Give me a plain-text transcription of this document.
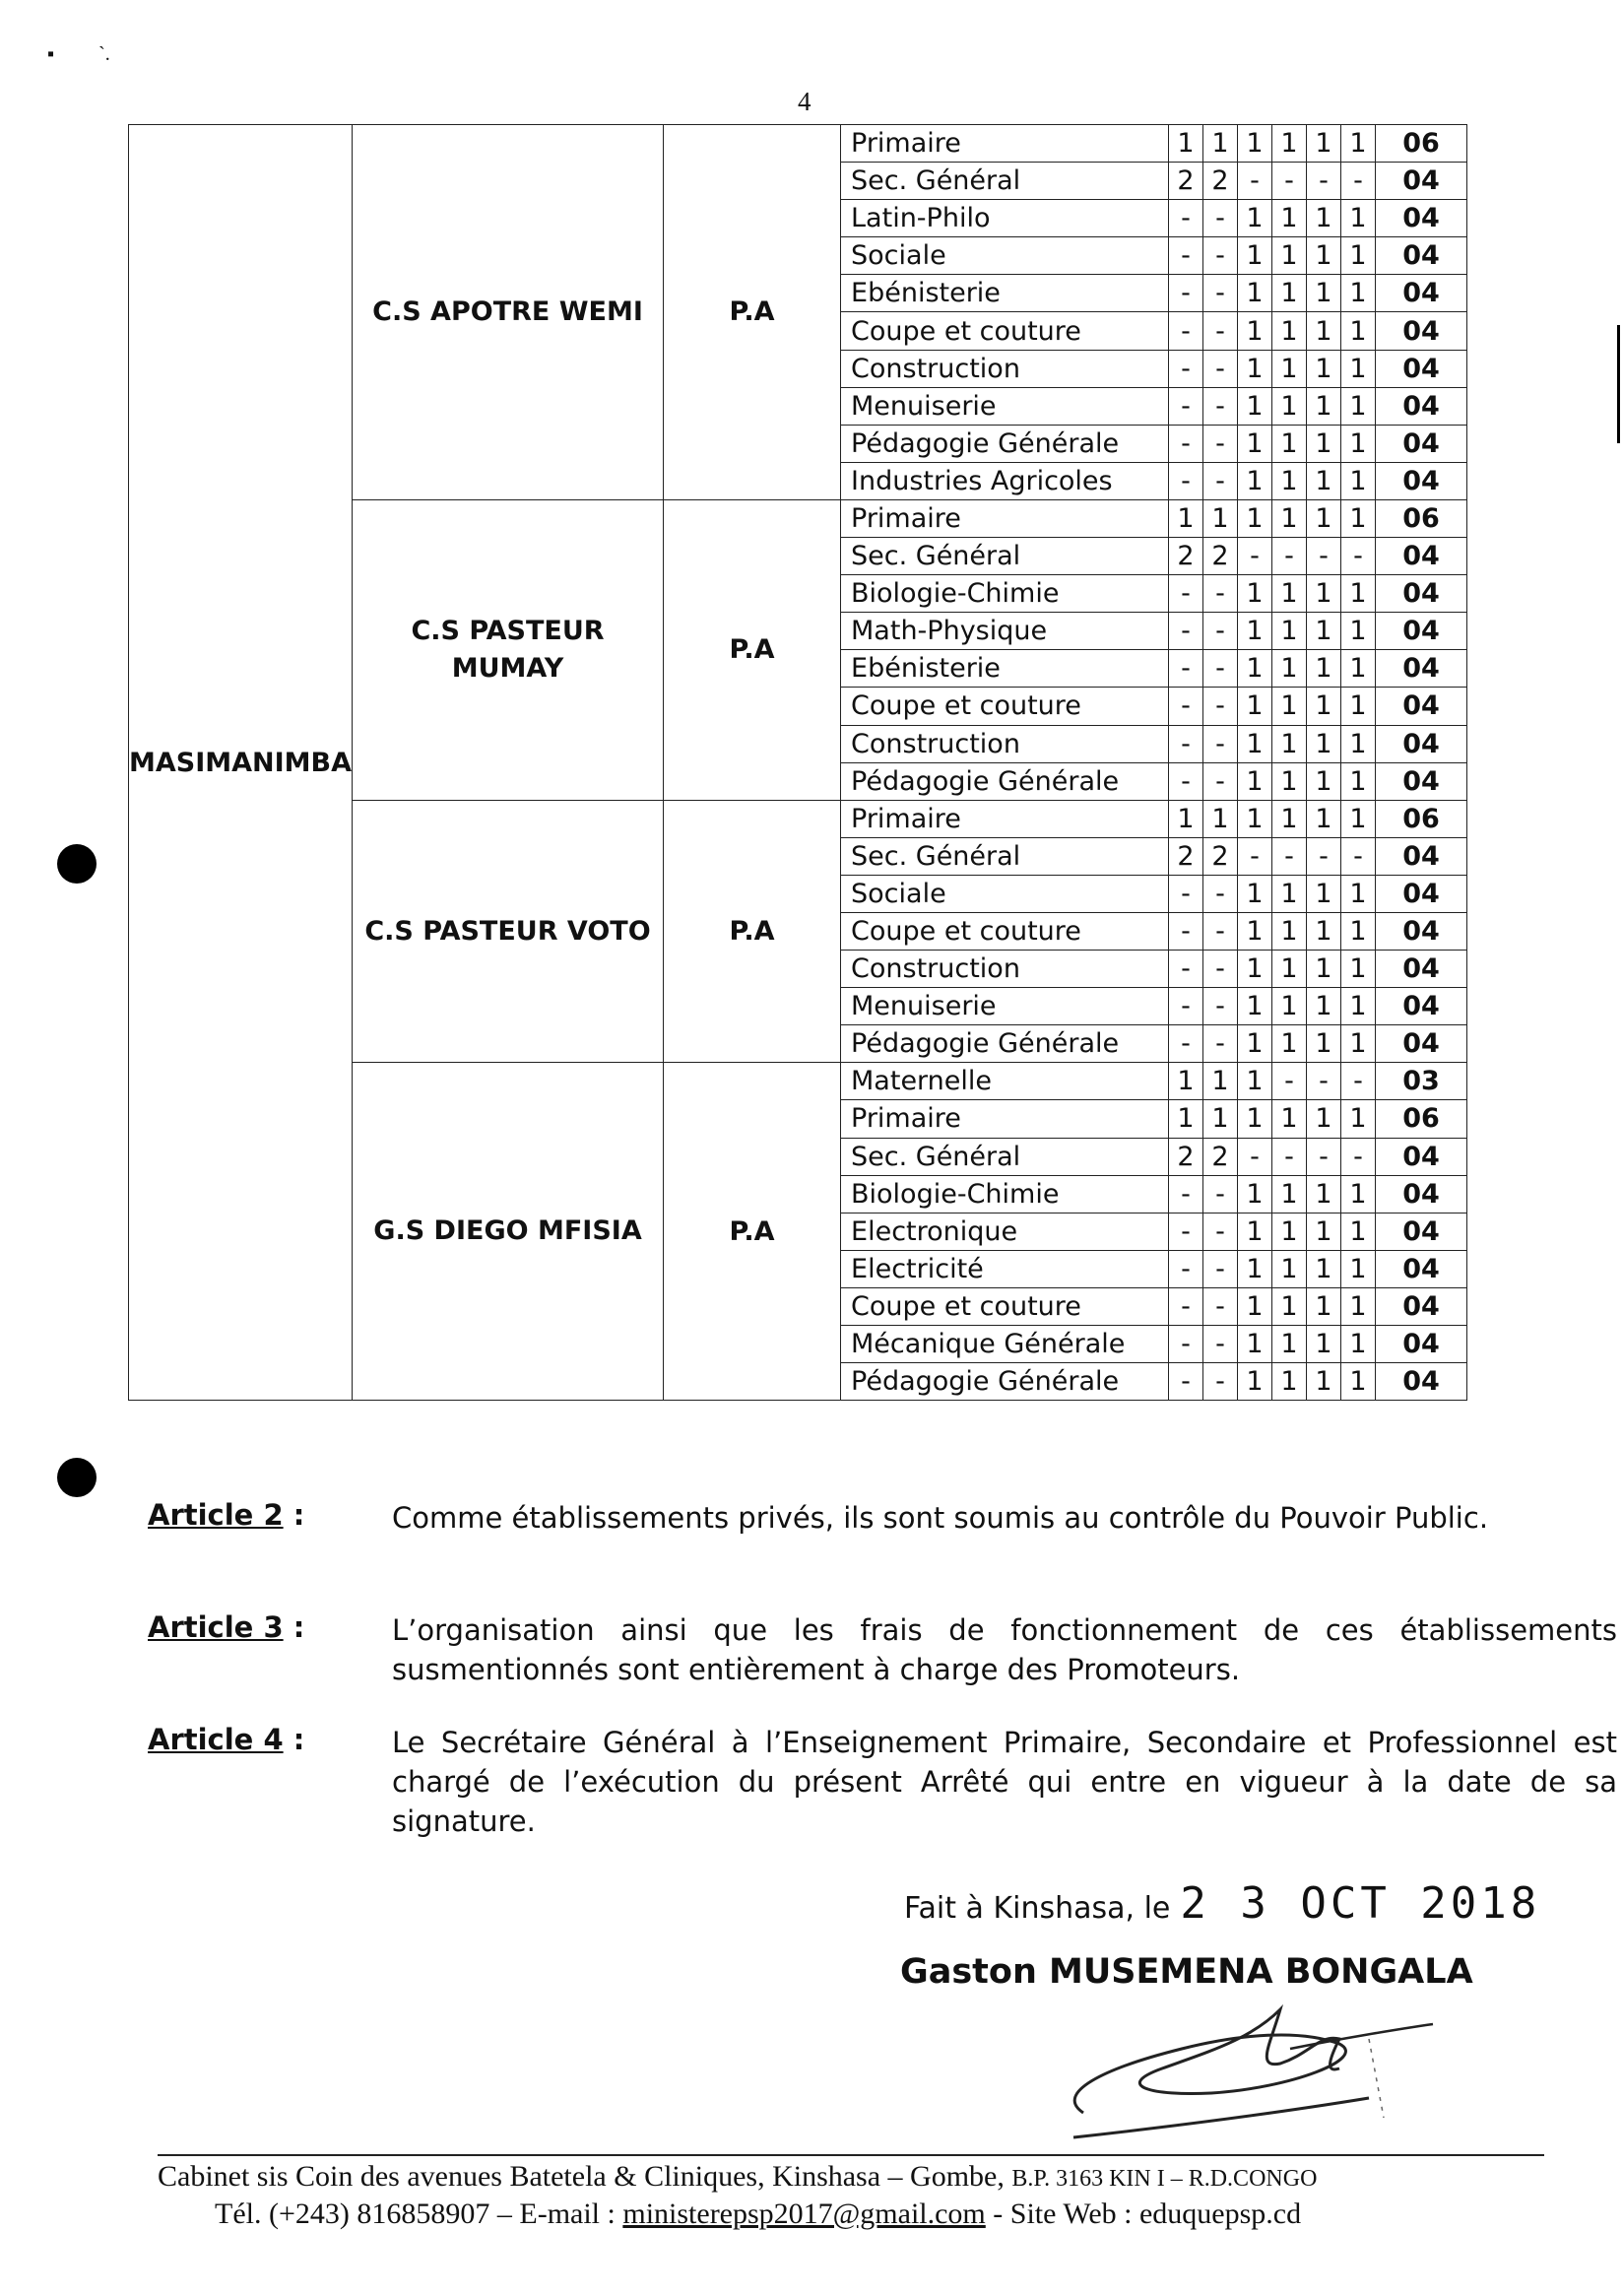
▪         `.
4
MASIMANIMBA	C.S APOTRE WEMI	P.A	Primaire	1	1	1	1	1	1	06
			Sec. Général	2	2	-	-	-	-	04
			Latin-Philo	-	-	1	1	1	1	04
			Sociale	-	-	1	1	1	1	04
			Ebénisterie	-	-	1	1	1	1	04
			Coupe et couture	-	-	1	1	1	1	04
			Construction	-	-	1	1	1	1	04
			Menuiserie	-	-	1	1	1	1	04
			Pédagogie Générale	-	-	1	1	1	1	04
			Industries Agricoles	-	-	1	1	1	1	04
	C.S PASTEUR MUMAY	P.A	Primaire	1	1	1	1	1	1	06
			Sec. Général	2	2	-	-	-	-	04
			Biologie-Chimie	-	-	1	1	1	1	04
			Math-Physique	-	-	1	1	1	1	04
			Ebénisterie	-	-	1	1	1	1	04
			Coupe et couture	-	-	1	1	1	1	04
			Construction	-	-	1	1	1	1	04
			Pédagogie Générale	-	-	1	1	1	1	04
	C.S PASTEUR VOTO	P.A	Primaire	1	1	1	1	1	1	06
			Sec. Général	2	2	-	-	-	-	04
			Sociale	-	-	1	1	1	1	04
			Coupe et couture	-	-	1	1	1	1	04
			Construction	-	-	1	1	1	1	04
			Menuiserie	-	-	1	1	1	1	04
			Pédagogie Générale	-	-	1	1	1	1	04
	G.S DIEGO MFISIA	P.A	Maternelle	1	1	1	-	-	-	03
			Primaire	1	1	1	1	1	1	06
			Sec. Général	2	2	-	-	-	-	04
			Biologie-Chimie	-	-	1	1	1	1	04
			Electronique	-	-	1	1	1	1	04
			Electricité	-	-	1	1	1	1	04
			Coupe et couture	-	-	1	1	1	1	04
			Mécanique Générale	-	-	1	1	1	1	04
			Pédagogie Générale	-	-	1	1	1	1	04
Article 2 :	Comme établissements privés, ils sont soumis au contrôle du Pouvoir Public.
Article 3 :	L’organisation ainsi que les frais de fonctionnement de ces établissements susmentionnés sont entièrement à charge des Promoteurs.
Article 4 :	Le Secrétaire Général à l’Enseignement Primaire, Secondaire et Professionnel est chargé de l’exécution du présent Arrêté qui entre en vigueur à la date de sa signature.
Fait à Kinshasa, le 2 3 OCT 2018
Gaston MUSEMENA BONGALA
Cabinet sis Coin des avenues Batetela & Cliniques, Kinshasa – Gombe, B.P. 3163 KIN I – R.D.CONGO
Tél. (+243) 816858907 – E-mail : ministerepsp2017@gmail.com - Site Web : eduquepsp.cd
